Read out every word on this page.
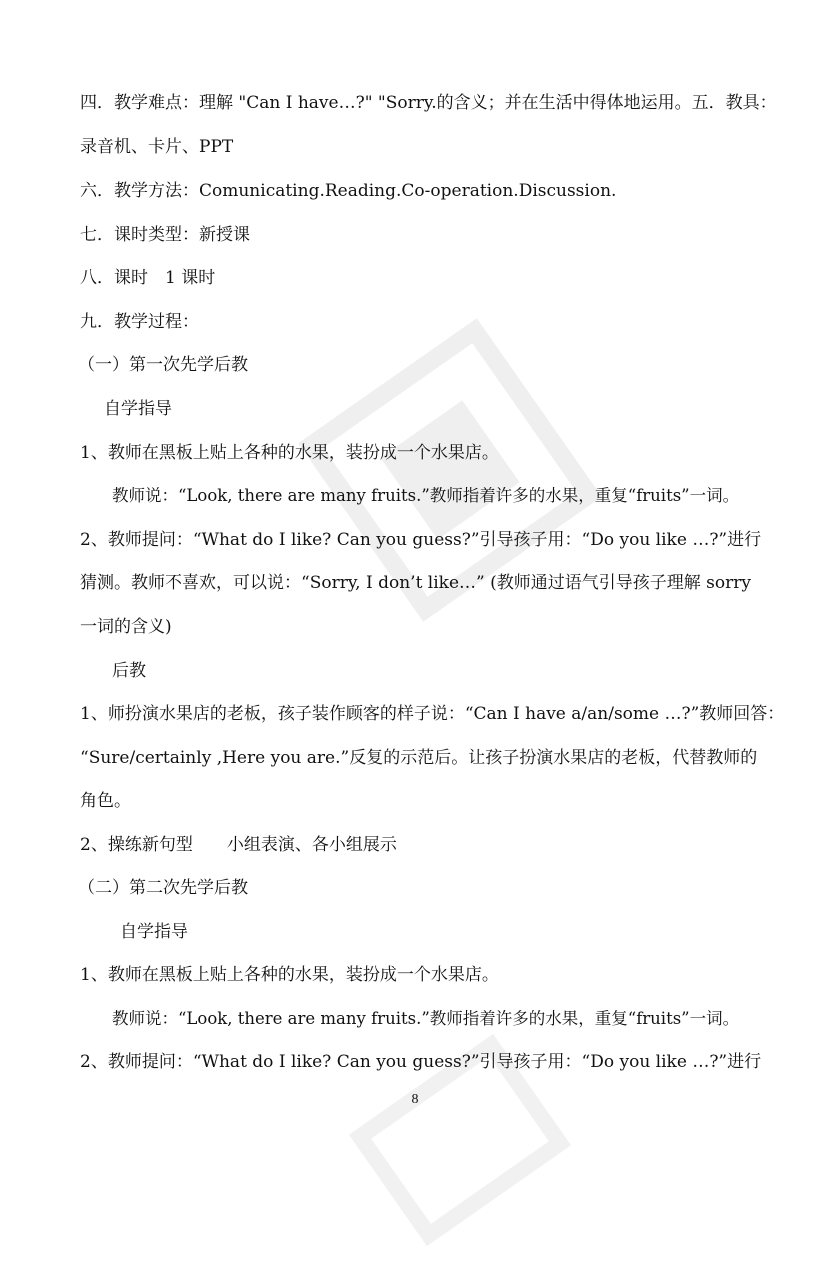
四．教学难点：理解 "Can I have…?" "Sorry.的含义；并在生活中得体地运用。五．教具：
录音机、卡片、PPT
六．教学方法：Comunicating.Reading.Co-operation.Discussion.
七．课时类型：新授课
八．课时　1 课时
九．教学过程：
（一）第一次先学后教
自学指导
1、教师在黑板上贴上各种的水果，装扮成一个水果店。
教师说：“Look, there are many fruits.”教师指着许多的水果，重复“fruits”一词。
2、教师提问：“What do I like? Can you guess?”引导孩子用：“Do you like …?”进行
猜测。教师不喜欢，可以说：“Sorry, I don’t like…” (教师通过语气引导孩子理解 sorry
一词的含义)
后教
1、师扮演水果店的老板，孩子装作顾客的样子说：“Can I have a/an/some …?”教师回答：
“Sure/certainly ,Here you are.”反复的示范后。让孩子扮演水果店的老板，代替教师的
角色。
2、操练新句型　　小组表演、各小组展示
（二）第二次先学后教
自学指导
1、教师在黑板上贴上各种的水果，装扮成一个水果店。
教师说：“Look, there are many fruits.”教师指着许多的水果，重复“fruits”一词。
2、教师提问：“What do I like? Can you guess?”引导孩子用：“Do you like …?”进行
8
